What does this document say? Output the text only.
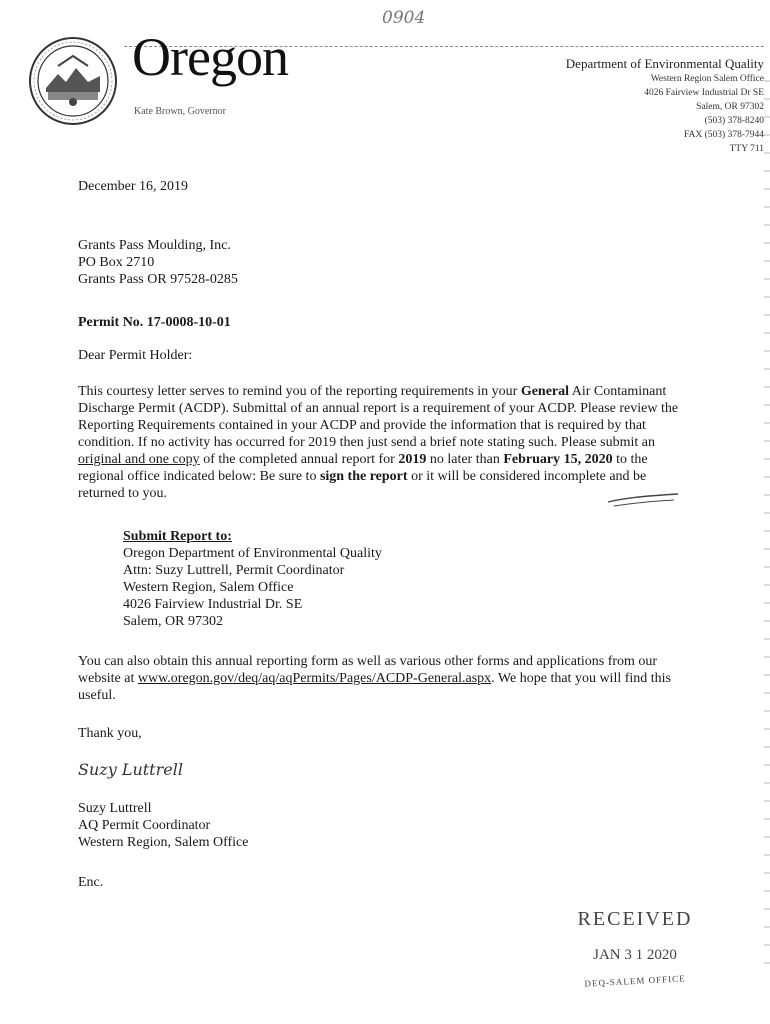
0904
Oregon
Kate Brown, Governor
Department of Environmental Quality
Western Region Salem Office
4026 Fairview Industrial Dr SE
Salem, OR 97302
(503) 378-8240
FAX (503) 378-7944
TTY 711
December 16, 2019
Grants Pass Moulding, Inc.
PO Box 2710
Grants Pass OR 97528-0285
Permit No. 17-0008-10-01
Dear Permit Holder:
This courtesy letter serves to remind you of the reporting requirements in your General Air Contaminant Discharge Permit (ACDP). Submittal of an annual report is a requirement of your ACDP. Please review the Reporting Requirements contained in your ACDP and provide the information that is required by that condition. If no activity has occurred for 2019 then just send a brief note stating such. Please submit an original and one copy of the completed annual report for 2019 no later than February 15, 2020 to the regional office indicated below: Be sure to sign the report or it will be considered incomplete and be returned to you.
Submit Report to:
Oregon Department of Environmental Quality
Attn: Suzy Luttrell, Permit Coordinator
Western Region, Salem Office
4026 Fairview Industrial Dr. SE
Salem, OR 97302
You can also obtain this annual reporting form as well as various other forms and applications from our website at www.oregon.gov/deq/aq/aqPermits/Pages/ACDP-General.aspx. We hope that you will find this useful.
Thank you,
Suzy Luttrell
Suzy Luttrell
AQ Permit Coordinator
Western Region, Salem Office
Enc.
RECEIVED
JAN 3 1 2020
DEQ-SALEM OFFICE
